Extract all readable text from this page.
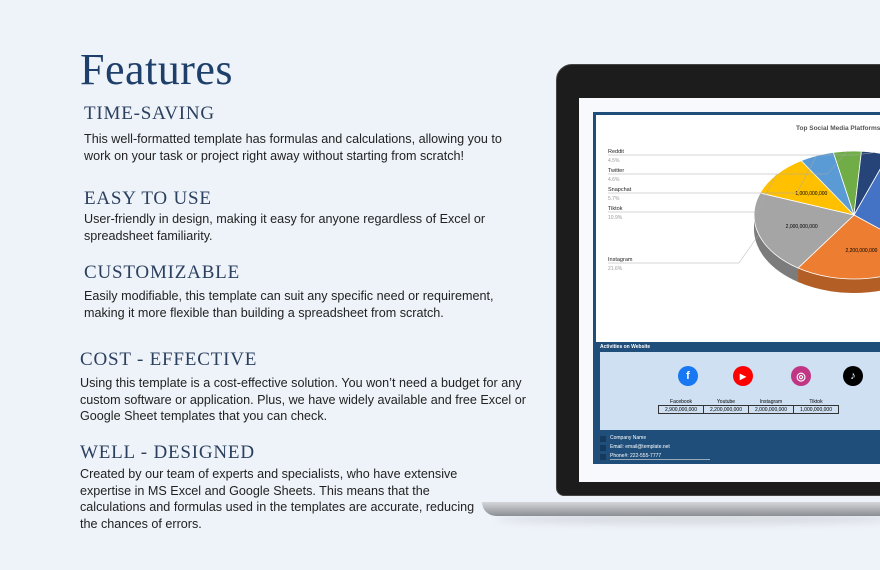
Features
TIME-SAVING

This well-formatted template has formulas and calculations, allowing you to work on your task or project right away without starting from scratch!

EASY TO USE

User-friendly in design, making it easy for anyone regardless of Excel or spreadsheet familiarity.

CUSTOMIZABLE

Easily modifiable, this template can suit any specific need or requirement, making it more flexible than building a spreadsheet from scratch.

COST - EFFECTIVE

Using this template is a cost-effective solution. You won’t need a budget for any custom software or application. Plus, we have widely available and free Excel or Google Sheet templates that you can check.

WELL - DESIGNED

Created by our team of experts and specialists, who have extensive expertise in MS Excel and Google Sheets. This means that the calculations and formulas used in the templates are accurate, reducing the chances of errors.

Top Social Media Platforms
2,200,000,000
2,000,000,000
1,000,000,000
Reddit
4.5%
Twitter
4.6%
Snapchat
5.7%
Tiktok
10.9%
Instagram
21.6%
Activities on Website
f	▶	◎	♪
Facebook	Youtube	Instagram	Tiktok
2,900,000,000	2,200,000,000	2,000,000,000	1,000,000,000
Company Name
Email: email@template.net
Phone#: 222-555-7777
